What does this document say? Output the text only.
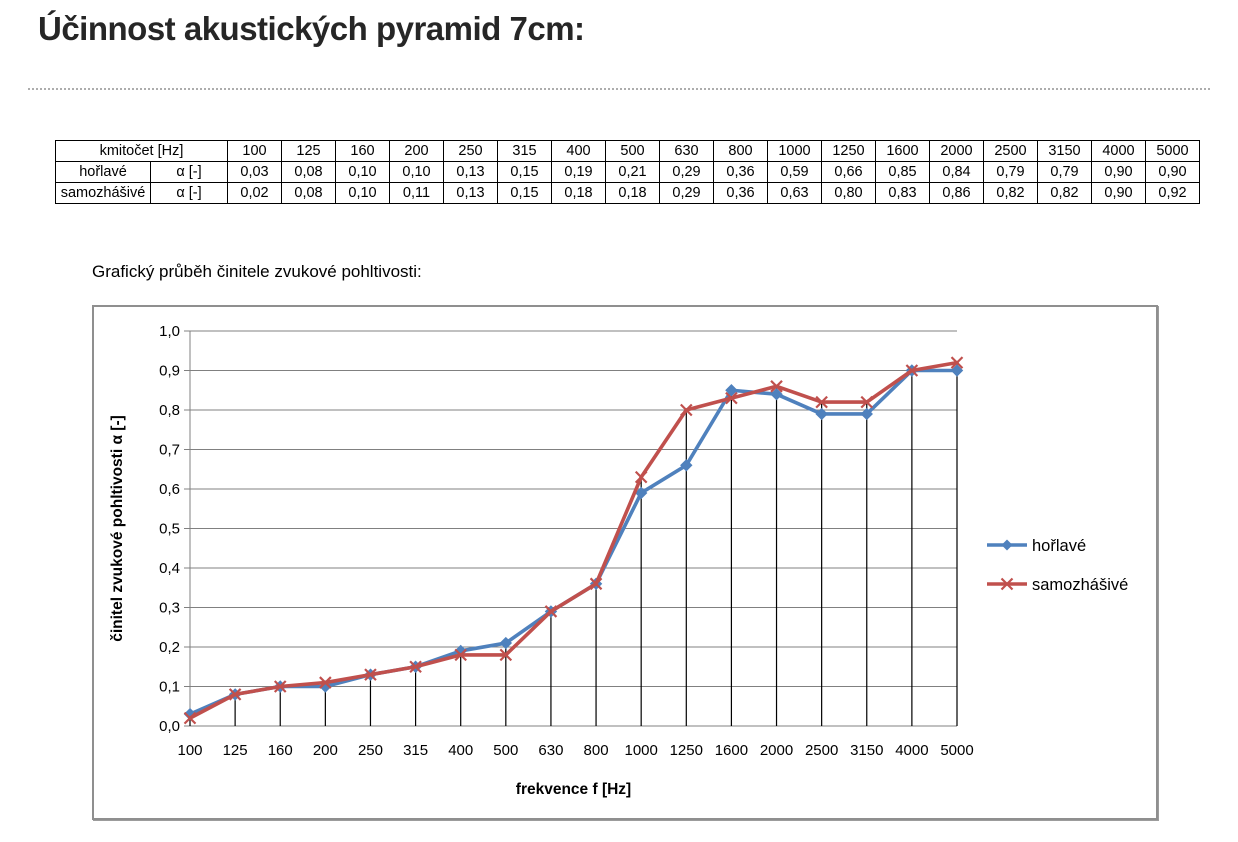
Účinnost akustických pyramid 7cm:
kmitočet [Hz]		100	125	160	200	250	315	400	500	630	800	1000	1250	1600	2000	2500	3150	4000	5000
hořlavé	α [-]	0,03	0,08	0,10	0,10	0,13	0,15	0,19	0,21	0,29	0,36	0,59	0,66	0,85	0,84	0,79	0,79	0,90	0,90
samozhášivé	α [-]	0,02	0,08	0,10	0,11	0,13	0,15	0,18	0,18	0,29	0,36	0,63	0,80	0,83	0,86	0,82	0,82	0,90	0,92
Grafický průběh činitele zvukové pohltivosti:
0,0
0,1
0,2
0,3
0,4
0,5
0,6
0,7
0,8
0,9
1,0
100 125 160 200 250 315 400 500 630 800 1000 1250 1600 2000 2500 3150 4000 5000
frekvence f [Hz]
činitel zvukové pohltivosti α [-]	hořlavé
samozhášivé
